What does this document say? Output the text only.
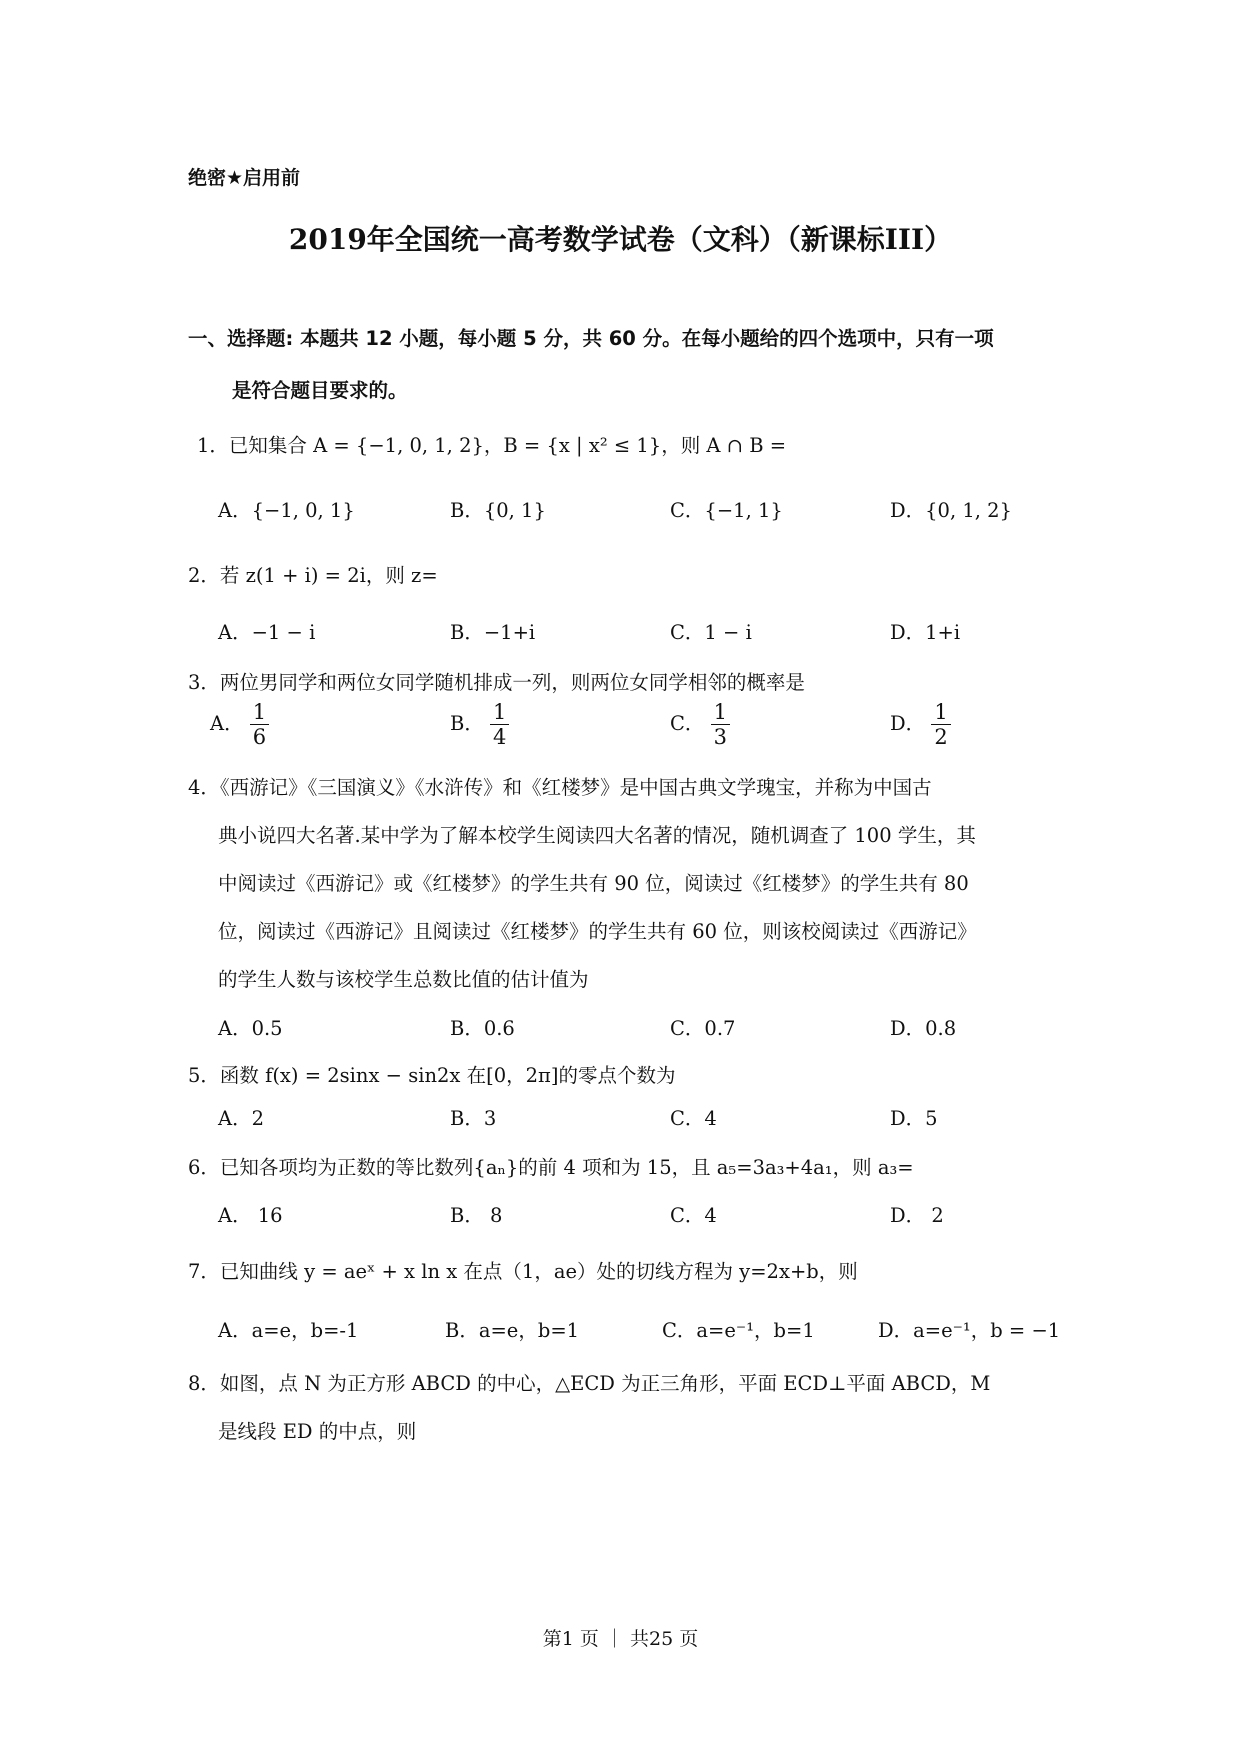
绝密★启用前
2019年全国统一高考数学试卷（文科）（新课标III）
一、选择题: 本题共 12 小题，每小题 5 分，共 60 分。在每小题给的四个选项中，只有一项
是符合题目要求的。
1．已知集合 A = {−1, 0, 1, 2}，B = {x | x² ≤ 1}，则 A ∩ B =
A．{−1, 0, 1}	B．{0, 1}	C．{−1, 1}	D．{0, 1, 2}
2．若 z(1 + i) = 2i，则 z=
A．−1 − i	B．−1+i	C．1 − i	D．1+i
3．两位男同学和两位女同学随机排成一列，则两位女同学相邻的概率是
A． $\frac{1}{6}$	B． $\frac{1}{4}$	C． $\frac{1}{3}$	D． $\frac{1}{2}$
4．《西游记》《三国演义》《水浒传》和《红楼梦》是中国古典文学瑰宝，并称为中国古
典小说四大名著.某中学为了解本校学生阅读四大名著的情况，随机调查了 100 学生，其
中阅读过《西游记》或《红楼梦》的学生共有 90 位，阅读过《红楼梦》的学生共有 80
位，阅读过《西游记》且阅读过《红楼梦》的学生共有 60 位，则该校阅读过《西游记》
的学生人数与该校学生总数比值的估计值为
A．0.5	B．0.6	C．0.7	D．0.8
5．函数 f(x) = 2sinx − sin2x 在[0，2π]的零点个数为
A．2	B．3	C．4	D．5
6．已知各项均为正数的等比数列{aₙ}的前 4 项和为 15，且 a₅=3a₃+4a₁，则 a₃=
A． 16	B． 8	C．4	D． 2
7．已知曲线 y = aeˣ + x ln x 在点（1，ae）处的切线方程为 y=2x+b，则
A．a=e，b=-1	B．a=e，b=1	C．a=e⁻¹，b=1	D．a=e⁻¹，b = −1
8．如图，点 N 为正方形 ABCD 的中心，△ECD 为正三角形，平面 ECD⊥平面 ABCD，M
是线段 ED 的中点，则
第1 页 ｜ 共25 页
